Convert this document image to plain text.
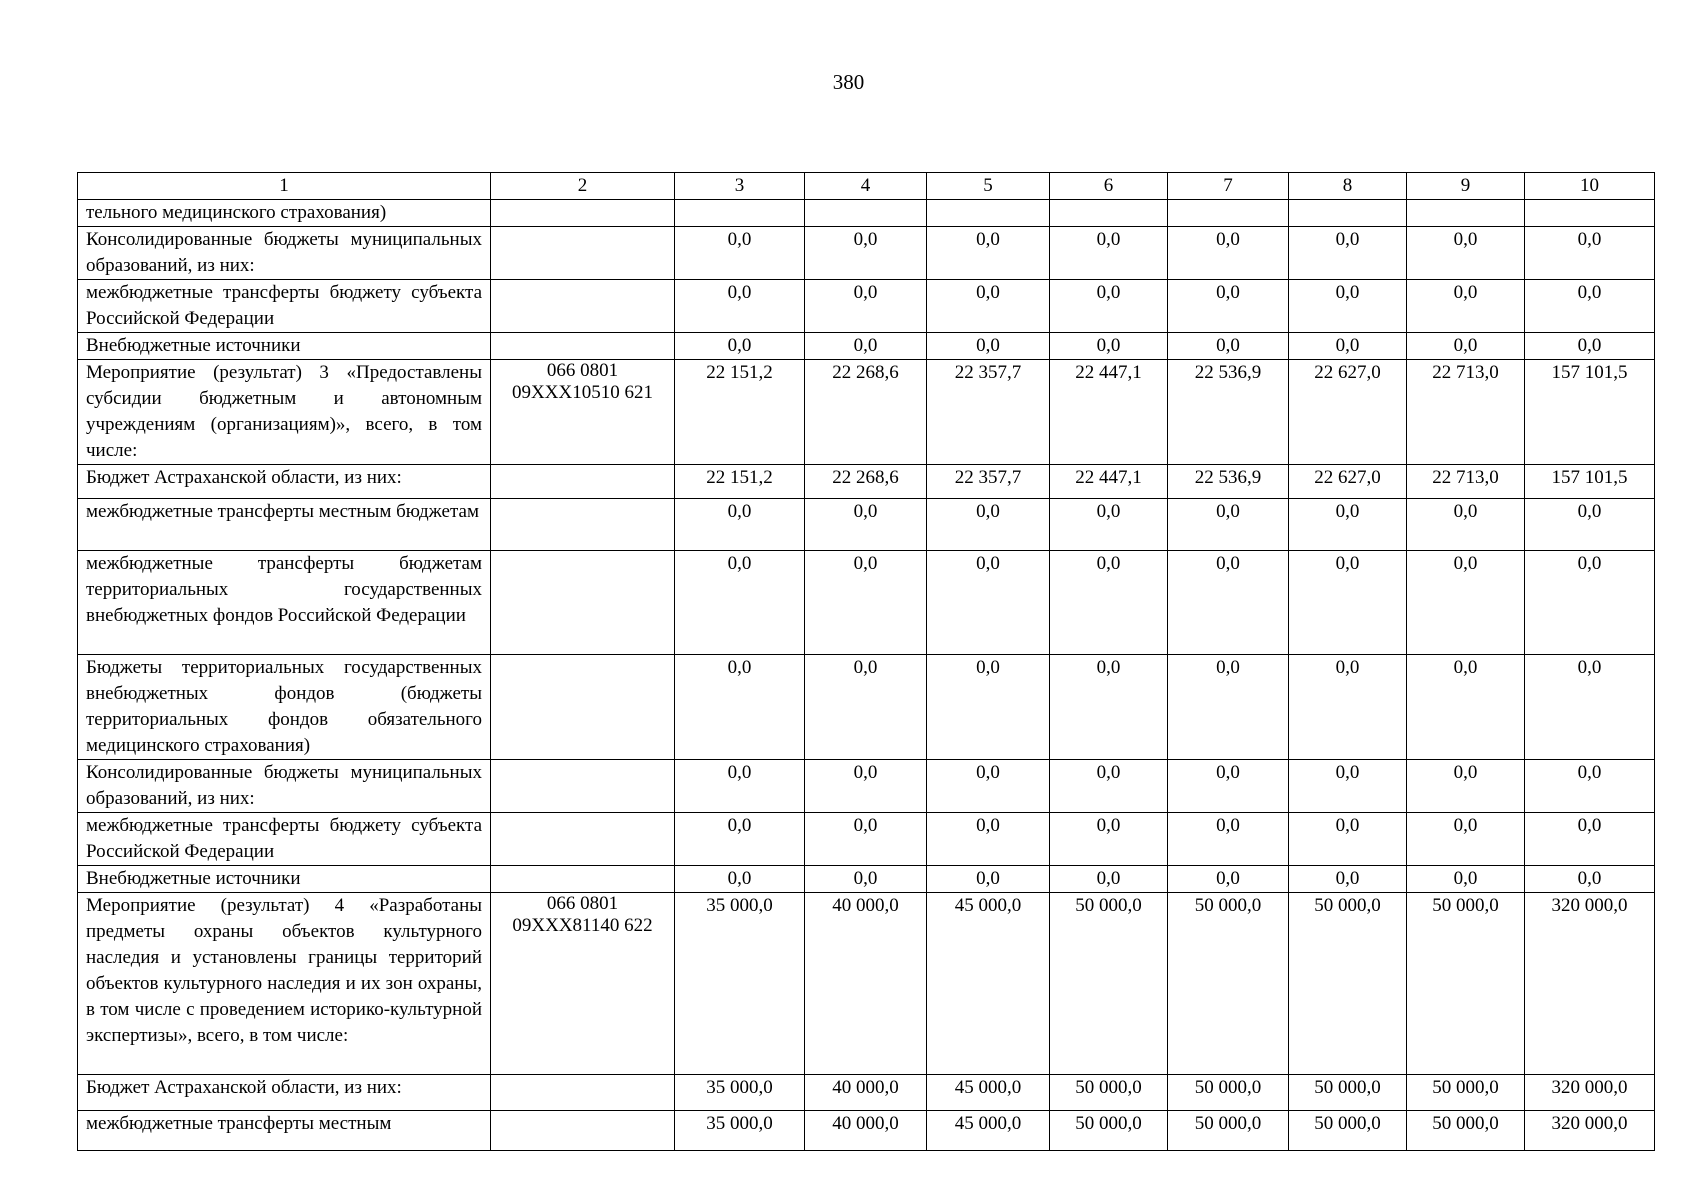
380
1	2	3	4	5	6	7	8	9	10
тельного медицинского страхования)									
Консолидированные бюджеты муниципальных образований, из них:		0,0	0,0	0,0	0,0	0,0	0,0	0,0	0,0
межбюджетные трансферты бюджету субъекта Российской Федерации		0,0	0,0	0,0	0,0	0,0	0,0	0,0	0,0
Внебюджетные источники		0,0	0,0	0,0	0,0	0,0	0,0	0,0	0,0
Мероприятие (результат) 3 «Предоставлены субсидии бюджетным и автономным учреждениям (организациям)», всего, в том числе:	066 0801 09ХХХ10510 621	22 151,2	22 268,6	22 357,7	22 447,1	22 536,9	22 627,0	22 713,0	157 101,5
Бюджет Астраханской области, из них:		22 151,2	22 268,6	22 357,7	22 447,1	22 536,9	22 627,0	22 713,0	157 101,5
межбюджетные трансферты местным бюджетам		0,0	0,0	0,0	0,0	0,0	0,0	0,0	0,0
межбюджетные трансферты бюджетам территориальных государственных внебюджетных фондов Российской Федерации		0,0	0,0	0,0	0,0	0,0	0,0	0,0	0,0
Бюджеты территориальных государственных внебюджетных фондов (бюджеты территориальных фондов обязательного медицинского страхования)		0,0	0,0	0,0	0,0	0,0	0,0	0,0	0,0
Консолидированные бюджеты муниципальных образований, из них:		0,0	0,0	0,0	0,0	0,0	0,0	0,0	0,0
межбюджетные трансферты бюджету субъекта Российской Федерации		0,0	0,0	0,0	0,0	0,0	0,0	0,0	0,0
Внебюджетные источники		0,0	0,0	0,0	0,0	0,0	0,0	0,0	0,0
Мероприятие (результат) 4 «Разработаны предметы охраны объектов культурного наследия и установлены границы территорий объектов культурного наследия и их зон охраны, в том числе с проведением историко-культурной экспертизы», всего, в том числе:	066 0801 09ХХХ81140 622	35 000,0	40 000,0	45 000,0	50 000,0	50 000,0	50 000,0	50 000,0	320 000,0
Бюджет Астраханской области, из них:		35 000,0	40 000,0	45 000,0	50 000,0	50 000,0	50 000,0	50 000,0	320 000,0
межбюджетные трансферты местным		35 000,0	40 000,0	45 000,0	50 000,0	50 000,0	50 000,0	50 000,0	320 000,0
